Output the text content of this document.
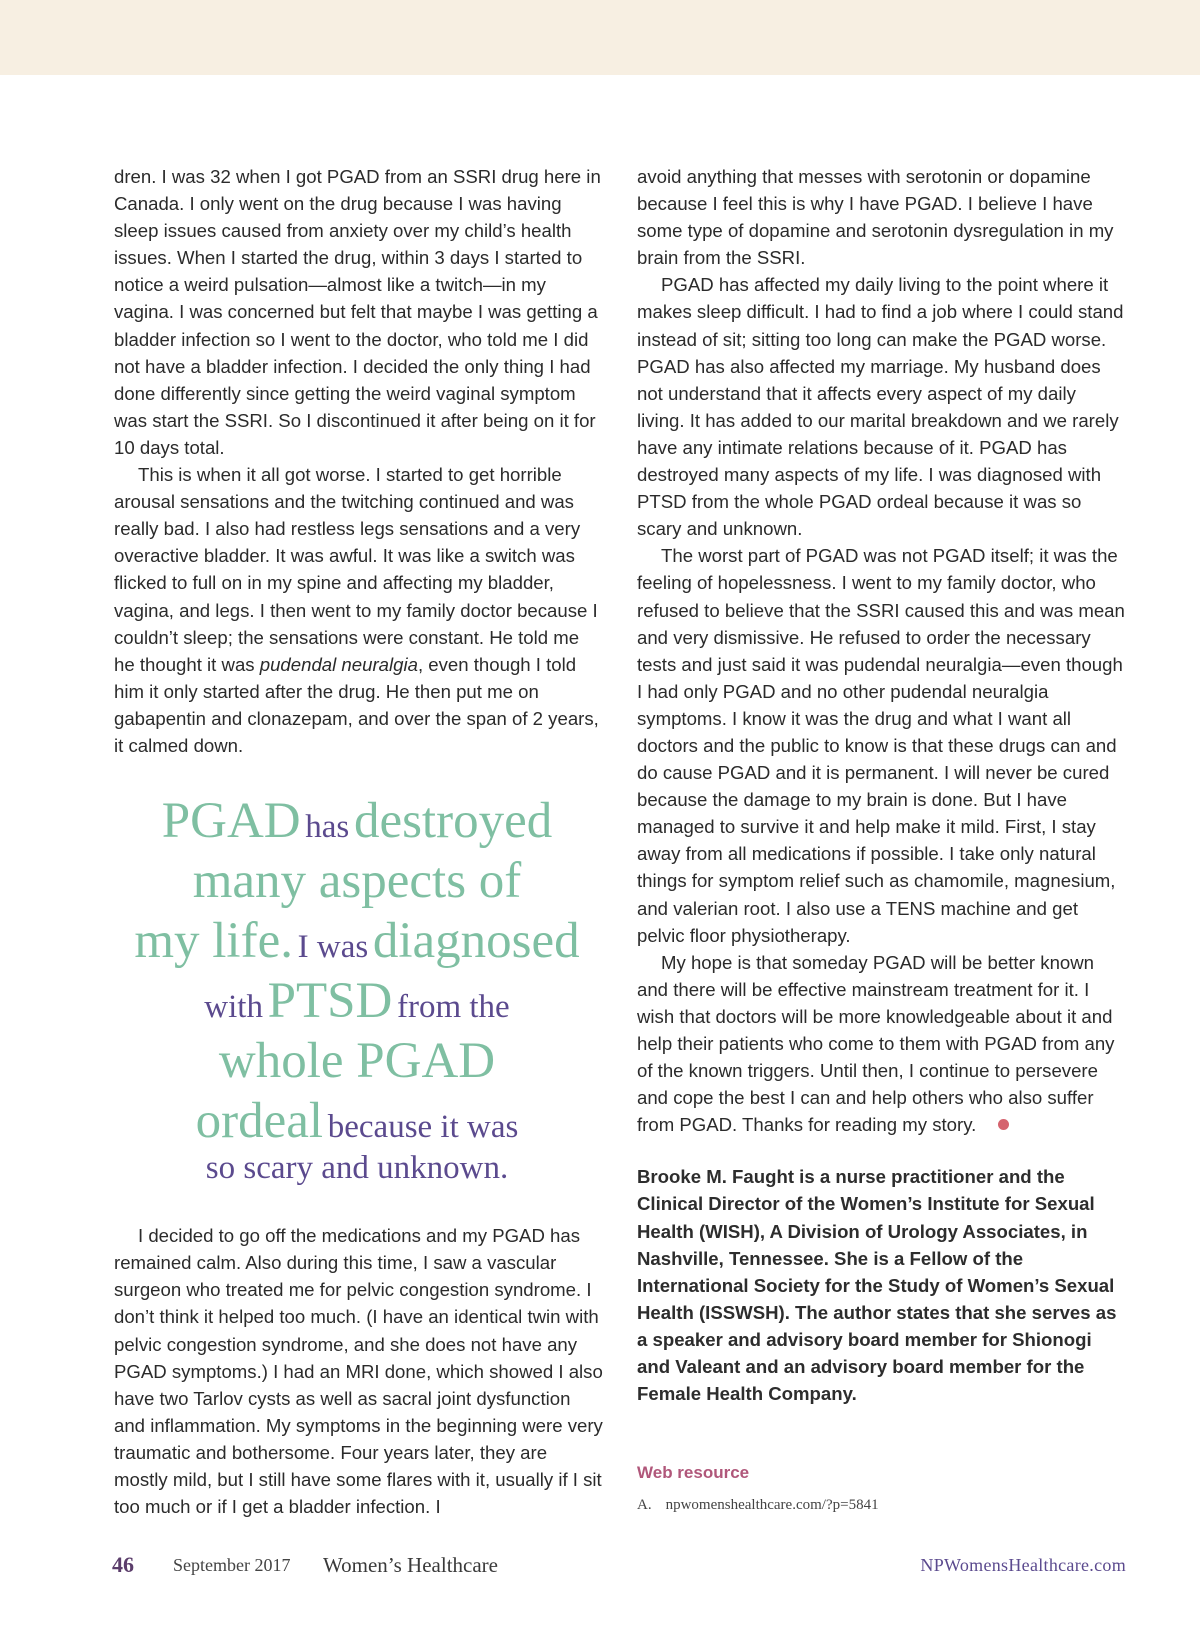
dren. I was 32 when I got PGAD from an SSRI drug here in Canada. I only went on the drug because I was having sleep issues caused from anxiety over my child’s health issues. When I started the drug, within 3 days I started to notice a weird pulsation—almost like a twitch—in my vagina. I was concerned but felt that maybe I was getting a bladder infection so I went to the doctor, who told me I did not have a bladder infection. I decided the only thing I had done differently since getting the weird vaginal symptom was start the SSRI. So I discontinued it after being on it for 10 days total.

This is when it all got worse. I started to get horrible arousal sensations and the twitching continued and was really bad. I also had restless legs sensations and a very overactive bladder. It was awful. It was like a switch was flicked to full on in my spine and affecting my bladder, vagina, and legs. I then went to my family doctor because I couldn’t sleep; the sensations were constant. He told me he thought it was pudendal neuralgia, even though I told him it only started after the drug. He then put me on gabapentin and clonazepam, and over the span of 2 years, it calmed down.

PGAD has destroyed
many aspects of
my life. I was diagnosed
with PTSD from the
whole PGAD
ordeal because it was
so scary and unknown.

I decided to go off the medications and my PGAD has remained calm. Also during this time, I saw a vascular surgeon who treated me for pelvic congestion syndrome. I don’t think it helped too much. (I have an identical twin with pelvic congestion syndrome, and she does not have any PGAD symptoms.) I had an MRI done, which showed I also have two Tarlov cysts as well as sacral joint dysfunction and inflammation. My symptoms in the beginning were very traumatic and bothersome. Four years later, they are mostly mild, but I still have some flares with it, usually if I sit too much or if I get a bladder infection. I

avoid anything that messes with serotonin or dopamine because I feel this is why I have PGAD. I believe I have some type of dopamine and serotonin dysregulation in my brain from the SSRI.

PGAD has affected my daily living to the point where it makes sleep difficult. I had to find a job where I could stand instead of sit; sitting too long can make the PGAD worse. PGAD has also affected my marriage. My husband does not understand that it affects every aspect of my daily living. It has added to our marital breakdown and we rarely have any intimate relations because of it. PGAD has destroyed many aspects of my life. I was diagnosed with PTSD from the whole PGAD ordeal because it was so scary and unknown.

The worst part of PGAD was not PGAD itself; it was the feeling of hopelessness. I went to my family doctor, who refused to believe that the SSRI caused this and was mean and very dismissive. He refused to order the necessary tests and just said it was pudendal neuralgia—even though I had only PGAD and no other pudendal neuralgia symptoms. I know it was the drug and what I want all doctors and the public to know is that these drugs can and do cause PGAD and it is permanent. I will never be cured because the damage to my brain is done. But I have managed to survive it and help make it mild. First, I stay away from all medications if possible. I take only natural things for symptom relief such as chamomile, magnesium, and valerian root. I also use a TENS machine and get pelvic floor physiotherapy.

My hope is that someday PGAD will be better known and there will be effective mainstream treatment for it. I wish that doctors will be more knowledgeable about it and help their patients who come to them with PGAD from any of the known triggers. Until then, I continue to persevere and cope the best I can and help others who also suffer from PGAD. Thanks for reading my story.

Brooke M. Faught is a nurse practitioner and the Clinical Director of the Women’s Institute for Sexual Health (WISH), A Division of Urology Associates, in Nashville, Tennessee. She is a Fellow of the International Society for the Study of Women’s Sexual Health (ISSWSH). The author states that she serves as a speaker and advisory board member for Shionogi and Valeant and an advisory board member for the Female Health Company.
Web resource
A. npwomenshealthcare.com/?p=5841
46 September 2017 Women’s Healthcare	NPWomensHealthcare.com
